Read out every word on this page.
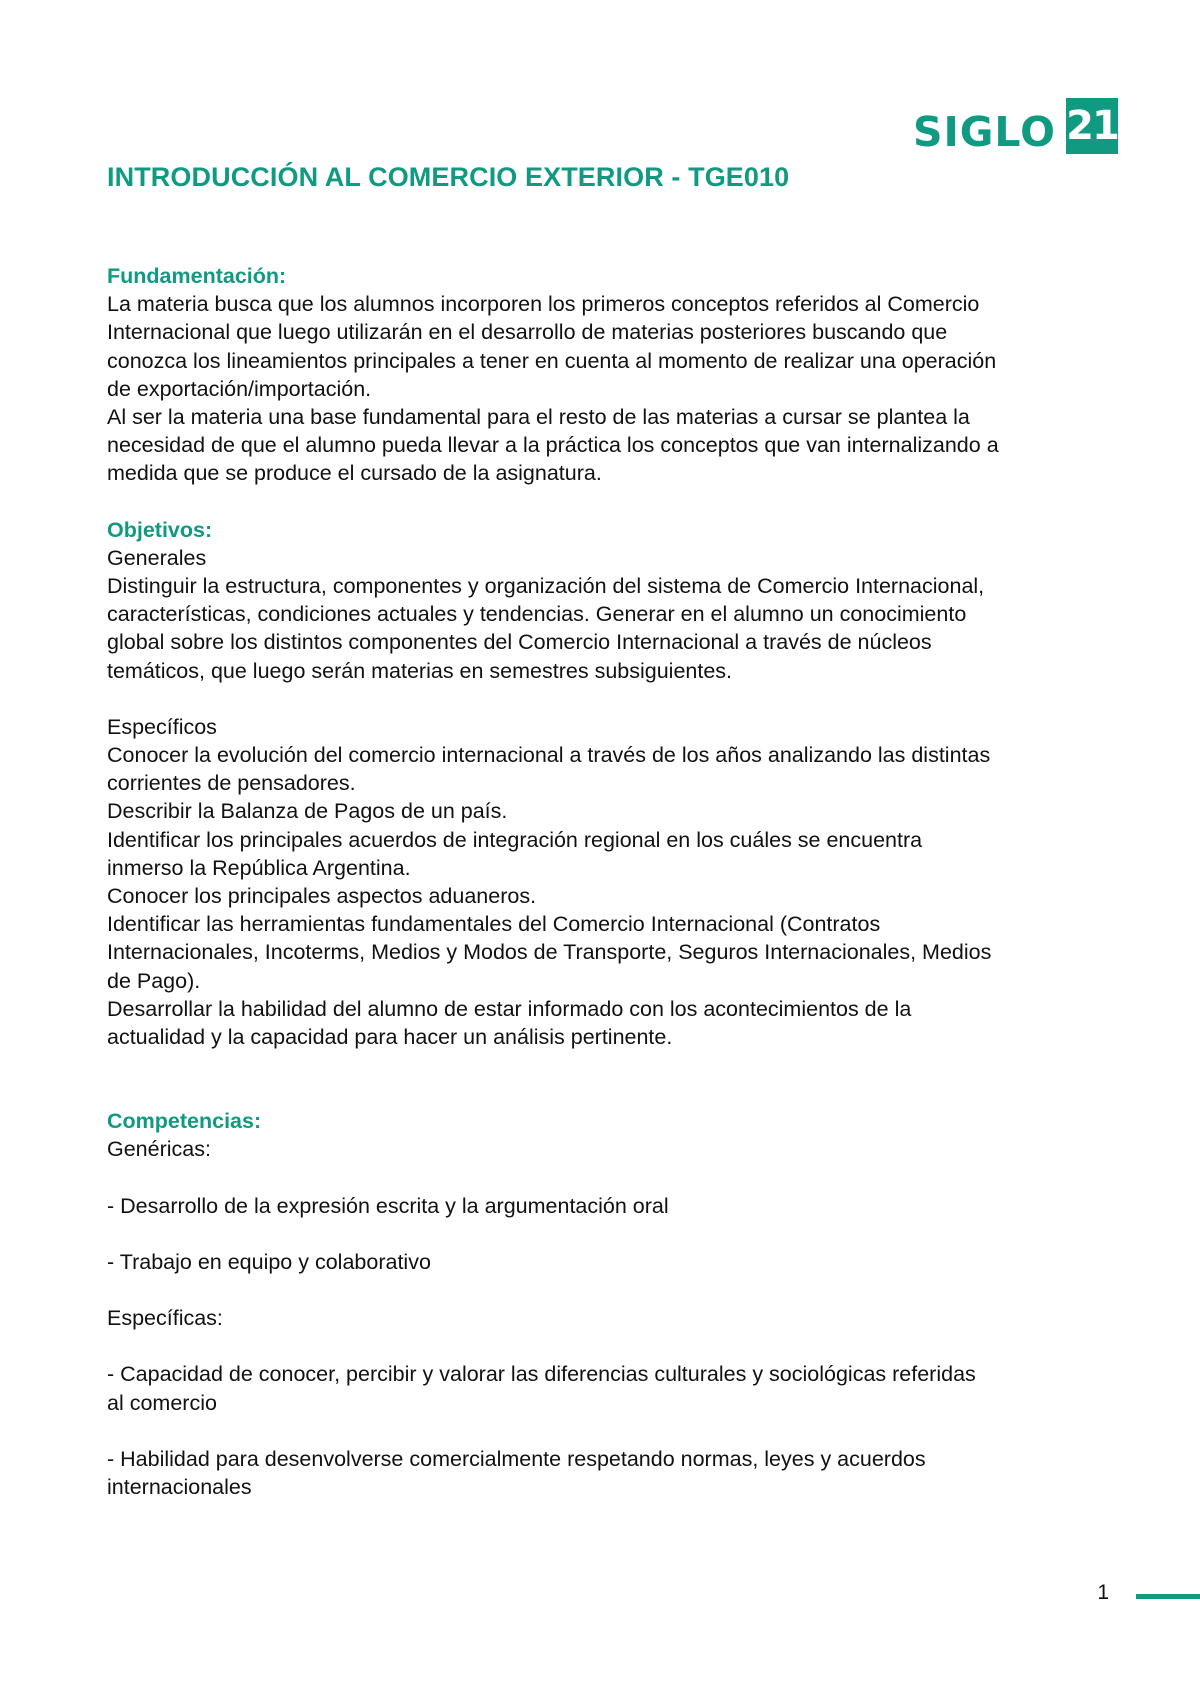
SIGLO 21
INTRODUCCIÓN AL COMERCIO EXTERIOR - TGE010

Fundamentación:

La materia busca que los alumnos incorporen los primeros conceptos referidos al Comercio

Internacional que luego utilizarán en el desarrollo de materias posteriores buscando que

conozca los lineamientos principales a tener en cuenta al momento de realizar una operación

de exportación/importación.

Al ser la materia una base fundamental para el resto de las materias a cursar se plantea la

necesidad de que el alumno pueda llevar a la práctica los conceptos que van internalizando a

medida que se produce el cursado de la asignatura.

Objetivos:

Generales

Distinguir la estructura, componentes y organización del sistema de Comercio Internacional,

características, condiciones actuales y tendencias. Generar en el alumno un conocimiento

global sobre los distintos componentes del Comercio Internacional a través de núcleos

temáticos, que luego serán materias en semestres subsiguientes.

Específicos

Conocer la evolución del comercio internacional a través de los años analizando las distintas

corrientes de pensadores.

Describir la Balanza de Pagos de un país.

Identificar los principales acuerdos de integración regional en los cuáles se encuentra

inmerso la República Argentina.

Conocer los principales aspectos aduaneros.

Identificar las herramientas fundamentales del Comercio Internacional (Contratos

Internacionales, Incoterms, Medios y Modos de Transporte, Seguros Internacionales, Medios

de Pago).

Desarrollar la habilidad del alumno de estar informado con los acontecimientos de la

actualidad y la capacidad para hacer un análisis pertinente.

Competencias:

Genéricas:

- Desarrollo de la expresión escrita y la argumentación oral

- Trabajo en equipo y colaborativo

Específicas:

- Capacidad de conocer, percibir y valorar las diferencias culturales y sociológicas referidas

al comercio

- Habilidad para desenvolverse comercialmente respetando normas, leyes y acuerdos

internacionales

1
